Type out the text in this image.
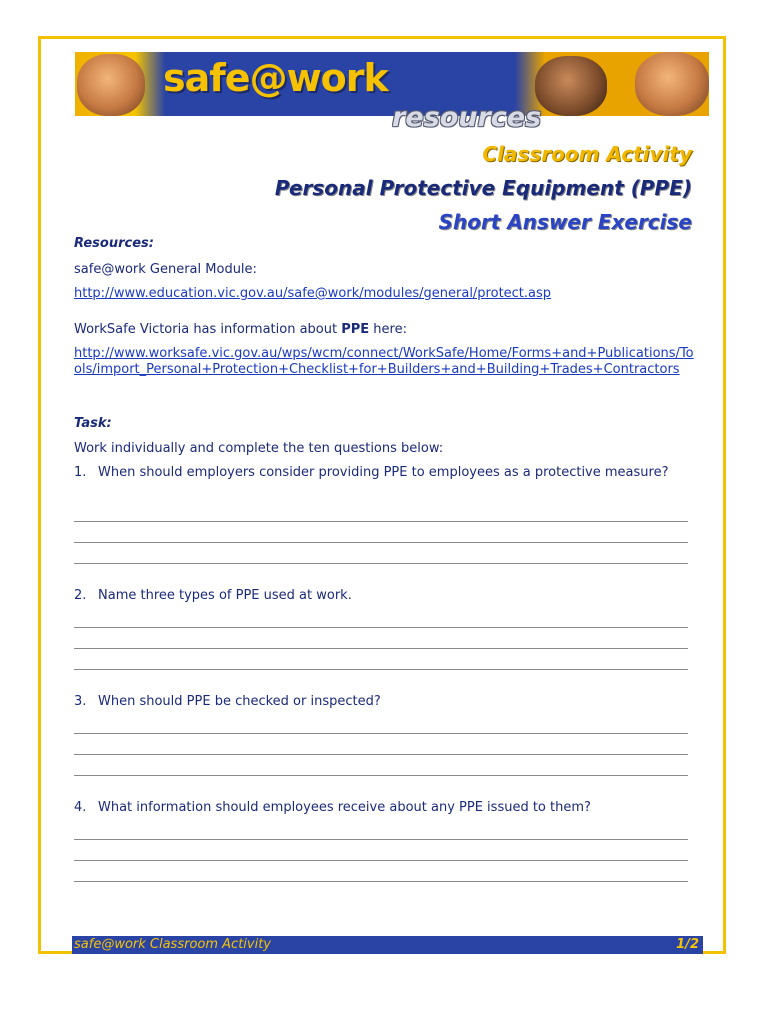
safe@work
resources
Classroom Activity
Personal Protective Equipment (PPE)
Short Answer Exercise
Resources:
safe@work General Module:
http://www.education.vic.gov.au/safe@work/modules/general/protect.asp
WorkSafe Victoria has information about PPE here:
http://www.worksafe.vic.gov.au/wps/wcm/connect/WorkSafe/Home/Forms+and+Publications/Tools/import_Personal+Protection+Checklist+for+Builders+and+Building+Trades+Contractors
Task:
Work individually and complete the ten questions below:
1. When should employers consider providing PPE to employees as a protective measure?
2. Name three types of PPE used at work.
3. When should PPE be checked or inspected?
4. What information should employees receive about any PPE issued to them?
safe@work Classroom Activity	1/2
